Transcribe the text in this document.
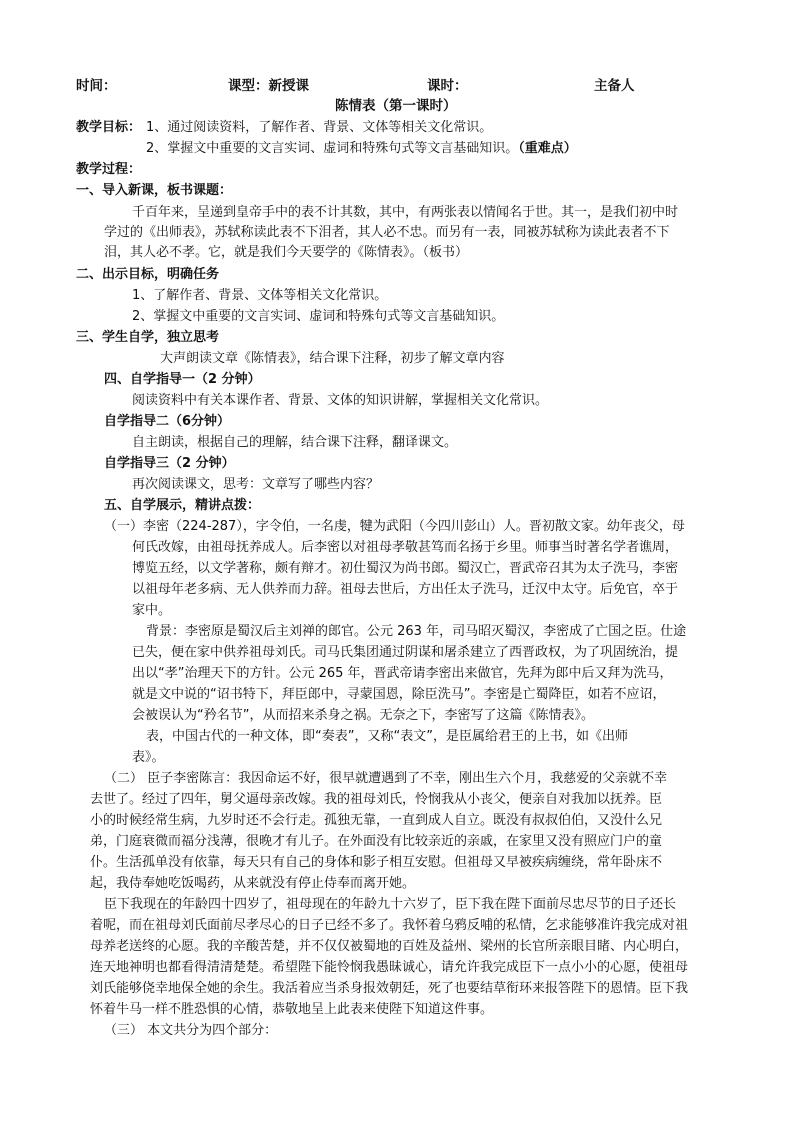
时间：	课型：新授课	课时：	主备人
陈情表（第一课时）
教学目标： 1、通过阅读资料，了解作者、背景、文体等相关文化常识。
2、掌握文中重要的文言实词、虚词和特殊句式等文言基础知识。（重难点）
教学过程：
一、导入新课，板书课题：
千百年来，呈递到皇帝手中的表不计其数，其中，有两张表以情闻名于世。其一，是我们初中时
学过的《出师表》，苏轼称读此表不下泪者，其人必不忠。而另有一表，同被苏轼称为读此表者不下
泪，其人必不孝。它，就是我们今天要学的《陈情表》。（板书）
二、出示目标，明确任务
1、了解作者、背景、文体等相关文化常识。
2、掌握文中重要的文言实词、虚词和特殊句式等文言基础知识。
三、学生自学，独立思考
大声朗读文章《陈情表》，结合课下注释，初步了解文章内容
四、自学指导一（2 分钟）
阅读资料中有关本课作者、背景、文体的知识讲解，掌握相关文化常识。
自学指导二（6分钟）
自主朗读，根据自己的理解，结合课下注释，翻译课文。
自学指导三（2 分钟）
再次阅读课文，思考：文章写了哪些内容？
五、自学展示，精讲点拨：
（一）李密（224-287），字令伯，一名虔，犍为武阳（今四川彭山）人。晋初散文家。幼年丧父，母
何氏改嫁，由祖母抚养成人。后李密以对祖母孝敬甚笃而名扬于乡里。师事当时著名学者谯周，
博览五经，以文学著称，颇有辩才。初仕蜀汉为尚书郎。蜀汉亡，晋武帝召其为太子洗马，李密
以祖母年老多病、无人供养而力辞。祖母去世后，方出任太子洗马，迁汉中太守。后免官，卒于
家中。
背景：李密原是蜀汉后主刘禅的郎官。公元 263 年，司马昭灭蜀汉，李密成了亡国之臣。仕途
已失，便在家中供养祖母刘氏。司马氏集团通过阴谋和屠杀建立了西晋政权，为了巩固统治，提
出以“孝”治理天下的方针。公元 265 年，晋武帝请李密出来做官，先拜为郎中后又拜为洗马，
就是文中说的“诏书特下，拜臣郎中，寻蒙国恩，除臣洗马”。李密是亡蜀降臣，如若不应诏，
会被误认为“矜名节”，从而招来杀身之祸。无奈之下，李密写了这篇《陈情表》。
表，中国古代的一种文体，即“奏表”，又称“表文”，是臣属给君王的上书，如《出师
表》。
（二） 臣子李密陈言：我因命运不好，很早就遭遇到了不幸，刚出生六个月，我慈爱的父亲就不幸
去世了。经过了四年，舅父逼母亲改嫁。我的祖母刘氏，怜悯我从小丧父，便亲自对我加以抚养。臣
小的时候经常生病，九岁时还不会行走。孤独无靠，一直到成人自立。既没有叔叔伯伯，又没什么兄
弟，门庭衰微而福分浅薄，很晚才有儿子。在外面没有比较亲近的亲戚，在家里又没有照应门户的童
仆。生活孤单没有依靠，每天只有自己的身体和影子相互安慰。但祖母又早被疾病缠绕，常年卧床不
起，我侍奉她吃饭喝药，从来就没有停止侍奉而离开她。
臣下我现在的年龄四十四岁了，祖母现在的年龄九十六岁了，臣下我在陛下面前尽忠尽节的日子还长
着呢，而在祖母刘氏面前尽孝尽心的日子已经不多了。我怀着乌鸦反哺的私情，乞求能够准许我完成对祖
母养老送终的心愿。我的辛酸苦楚，并不仅仅被蜀地的百姓及益州、梁州的长官所亲眼目睹、内心明白，
连天地神明也都看得清清楚楚。希望陛下能怜悯我愚昧诚心，请允许我完成臣下一点小小的心愿，使祖母
刘氏能够侥幸地保全她的余生。我活着应当杀身报效朝廷，死了也要结草衔环来报答陛下的恩情。臣下我
怀着牛马一样不胜恐惧的心情，恭敬地呈上此表来使陛下知道这件事。
（三） 本文共分为四个部分：
